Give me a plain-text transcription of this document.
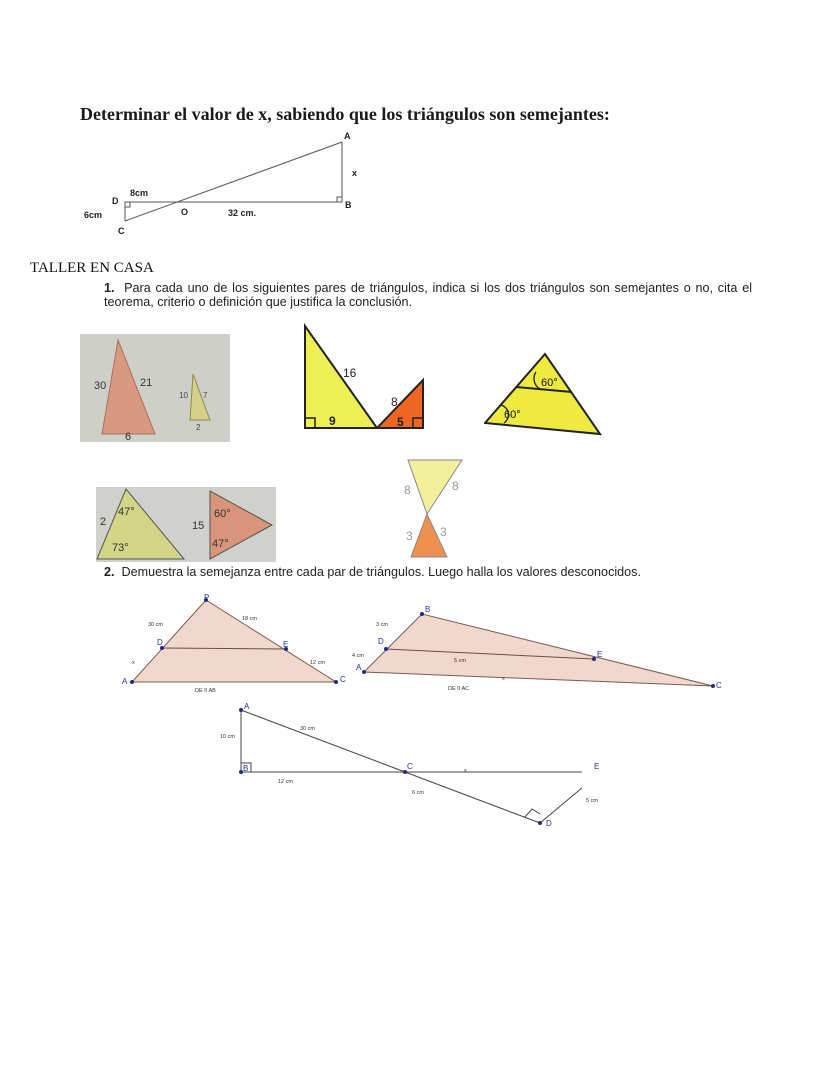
Determinar el valor de x, sabiendo que los triángulos son semejantes:
A
B
C
D
O
x
8cm
6cm	32 cm.
TALLER EN CASA
1. Para cada uno de los siguientes pares de triángulos, indica si los dos triángulos son semejantes o no, cita el teorema, criterio o definición que justifica la conclusión.
30	21
6
10 7
2
16
9
8
5
60°
60°
2
47°
73°
15
60°
47°
8	8
3 3
2. Demuestra la semejanza entre cada par de triángulos. Luego halla los valores desconocidos.
B
A	C
D	E
30 cm
18 cm
12 cm
x
DE II AB
B
A
C
D
E
3 cm
4 cm
5 cm
x
DE II AC
A
B	C
D
10 cm
30 cm
12 cm
x
6 cm
E
5 cm
